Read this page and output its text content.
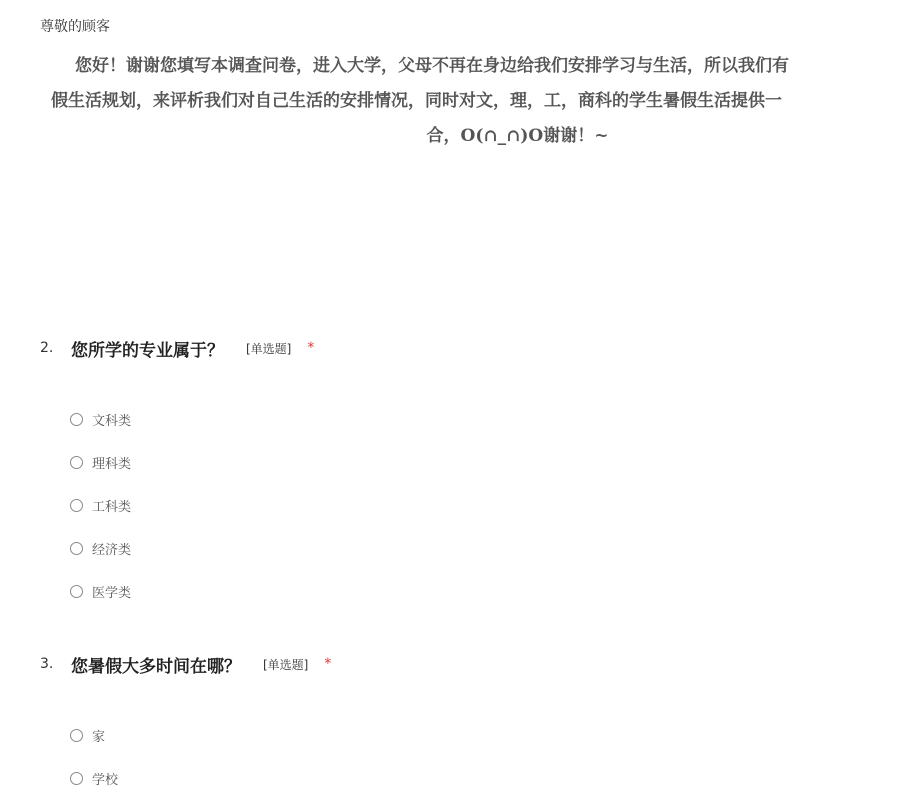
尊敬的顾客
您好！谢谢您填写本调查问卷，进入大学，父母不再在身边给我们安排学习与生活，所以我们有
假生活规划，来评析我们对自己生活的安排情况，同时对文，理，工，商科的学生暑假生活提供一
合，O(∩_∩)O谢谢！~
2.	您所学的专业属于？ [单选题] *
文科类
理科类
工科类
经济类
医学类
3.	您暑假大多时间在哪？ [单选题] *
家
学校
